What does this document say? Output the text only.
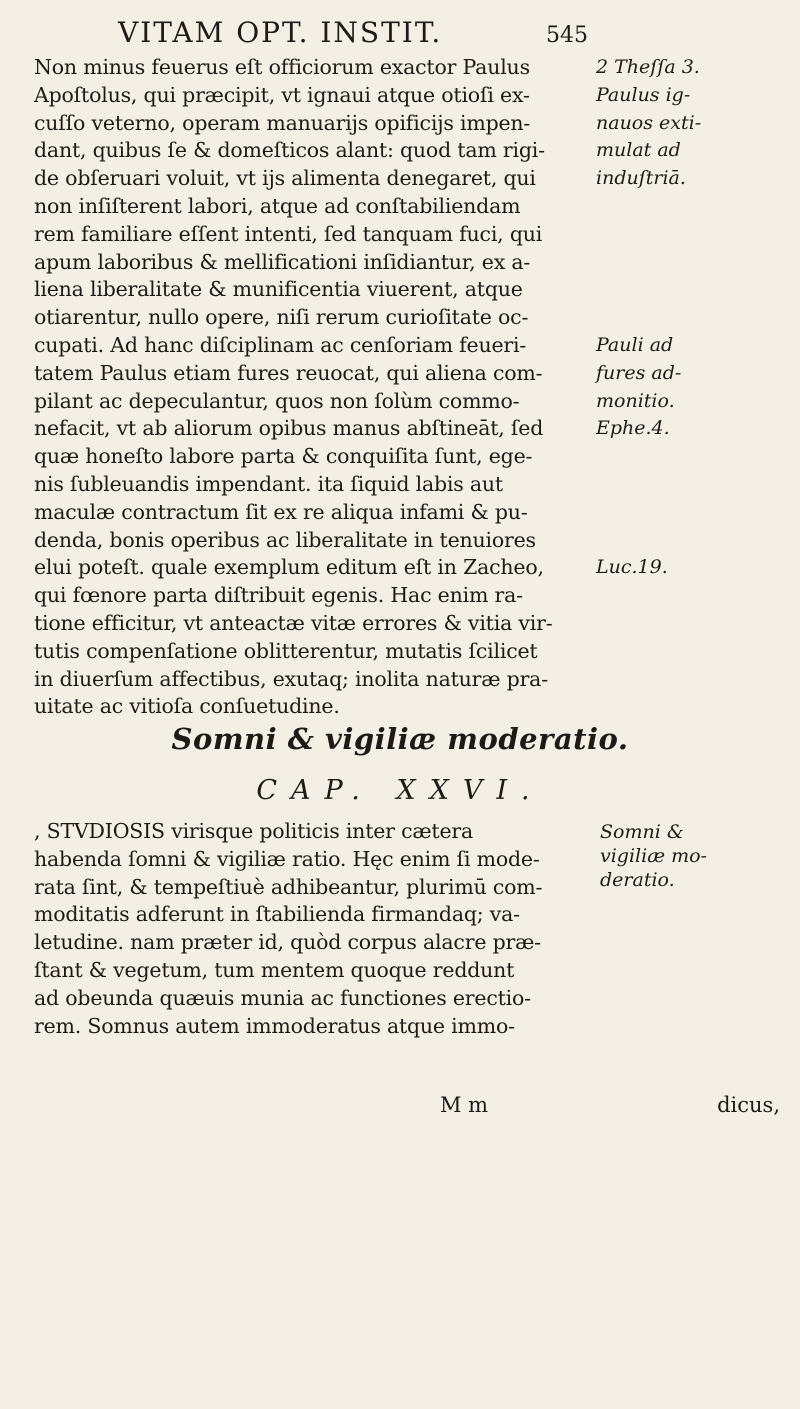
VITAM OPT. INSTIT.	545
Non minus feuerus eſt officiorum exactor Paulus
Apoſtolus, qui præcipit, vt ignaui atque otioſi ex-
cuſſo veterno, operam manuarijs opificijs impen-
dant, quibus ſe & domeſticos alant: quod tam rigi-
de obſeruari voluit, vt ijs alimenta denegaret, qui
non inſiſterent labori, atque ad conſtabiliendam
rem familiare eſſent intenti, ſed tanquam fuci, qui
apum laboribus & mellificationi inſidiantur, ex a-
liena liberalitate & munificentia viuerent, atque
otiarentur, nullo opere, niſi rerum curioſitate oc-
cupati. Ad hanc diſciplinam ac cenſoriam feueri-
tatem Paulus etiam fures reuocat, qui aliena com-
pilant ac depeculantur, quos non ſolùm commo-
nefacit, vt ab aliorum opibus manus abſtineāt, ſed
quæ honeſto labore parta & conquiſita ſunt, ege-
nis ſubleuandis impendant. ita ſiquid labis aut
maculæ contractum ſit ex re aliqua infami & pu-
denda, bonis operibus ac liberalitate in tenuiores
elui poteſt. quale exemplum editum eſt in Zacheo,
qui fœnore parta diſtribuit egenis. Hac enim ra-
tione efficitur, vt anteactæ vitæ errores & vitia vir-
tutis compenſatione oblitterentur, mutatis ſcilicet
in diuerſum affectibus, exutaq; inolita naturæ pra-
uitate ac vitioſa conſuetudine.
2 Theſſa 3.
Paulus ig-
nauos exti-
mulat ad
induſtriā.
Pauli ad
fures ad-
monitio.
Ephe.4.
Luc.19.
Somni & vigiliæ moderatio.
CAP. XXVI.
, STVDIOSIS virisque politicis inter cætera
habenda ſomni & vigiliæ ratio. Hęc enim ſi mode-
rata ſint, & tempeſtiuè adhibeantur, plurimū com-
moditatis adferunt in ſtabilienda firmandaq; va-
letudine. nam præter id, quòd corpus alacre præ-
ſtant & vegetum, tum mentem quoque reddunt
ad obeunda quæuis munia ac functiones erectio-
rem. Somnus autem immoderatus atque immo-
Somni &
vigiliæ mo-
deratio.
M m	dicus,
